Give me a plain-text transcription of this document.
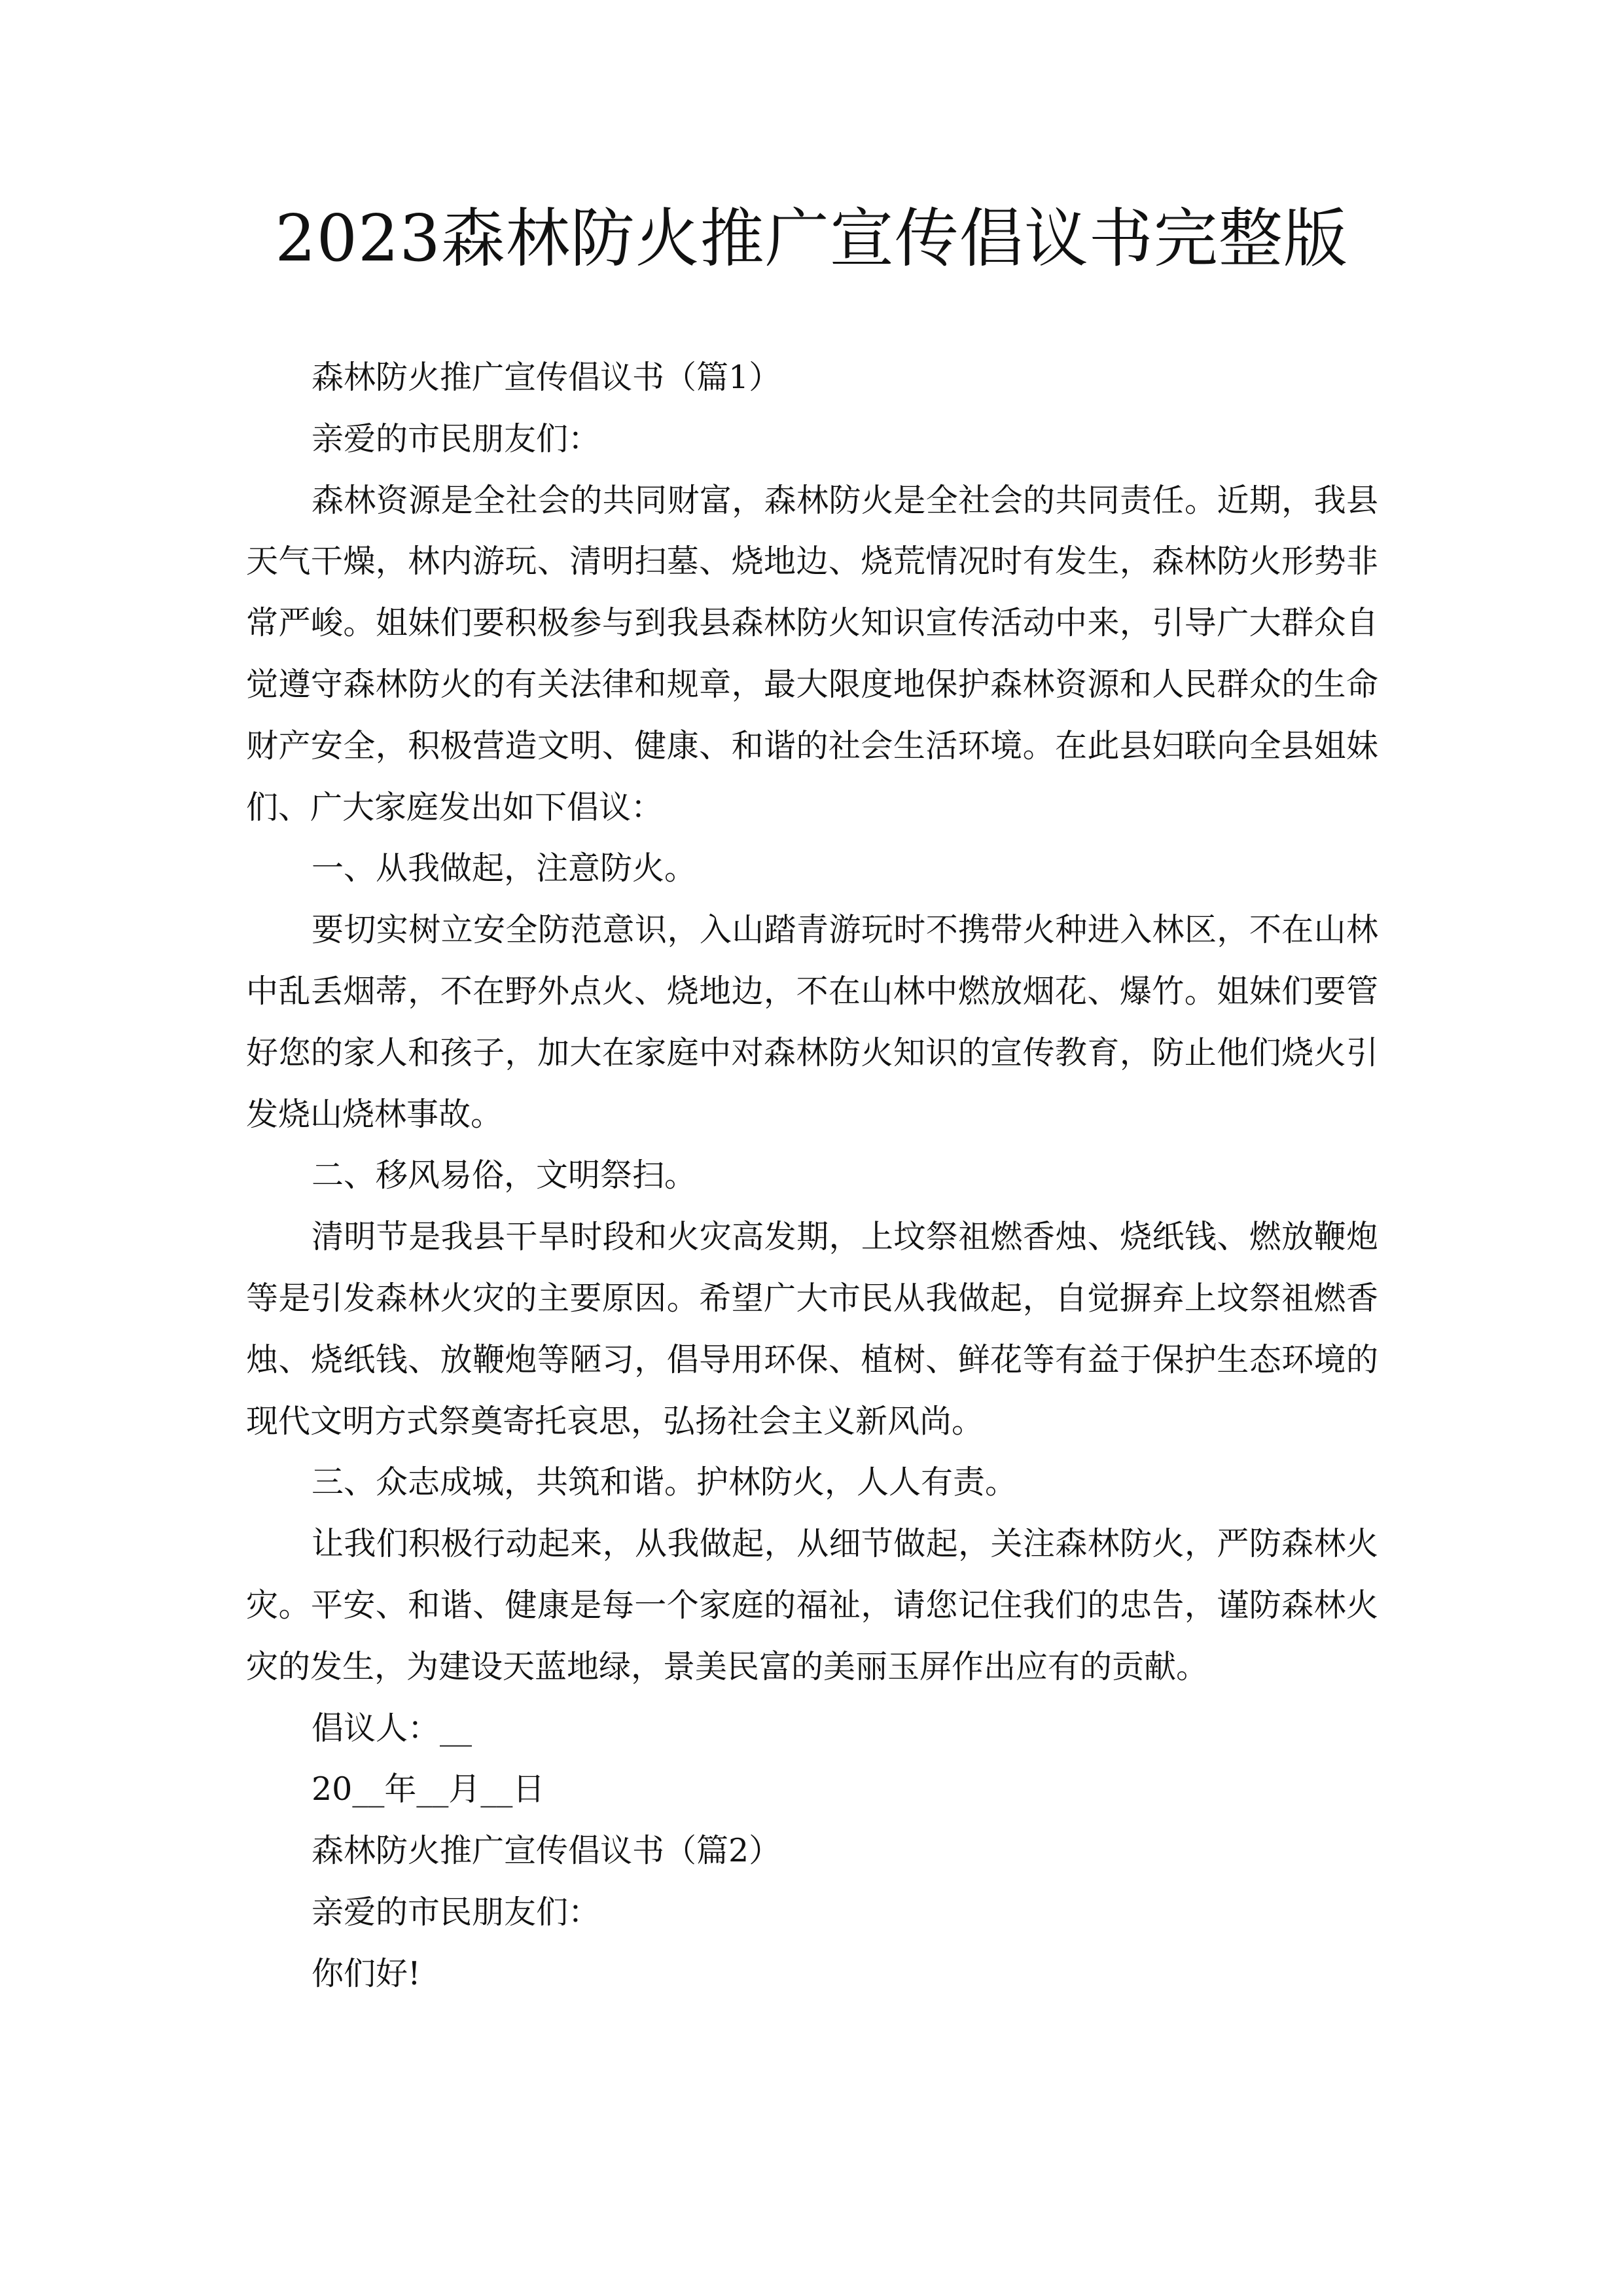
2023森林防火推广宣传倡议书完整版
森林防火推广宣传倡议书（篇1）
亲爱的市民朋友们：
森林资源是全社会的共同财富，森林防火是全社会的共同责任。近期，我县
天气干燥，林内游玩、清明扫墓、烧地边、烧荒情况时有发生，森林防火形势非
常严峻。姐妹们要积极参与到我县森林防火知识宣传活动中来，引导广大群众自
觉遵守森林防火的有关法律和规章，最大限度地保护森林资源和人民群众的生命
财产安全，积极营造文明、健康、和谐的社会生活环境。在此县妇联向全县姐妹
们、广大家庭发出如下倡议：
一、从我做起，注意防火。
要切实树立安全防范意识，入山踏青游玩时不携带火种进入林区，不在山林
中乱丢烟蒂，不在野外点火、烧地边，不在山林中燃放烟花、爆竹。姐妹们要管
好您的家人和孩子，加大在家庭中对森林防火知识的宣传教育，防止他们烧火引
发烧山烧林事故。
二、移风易俗，文明祭扫。
清明节是我县干旱时段和火灾高发期，上坟祭祖燃香烛、烧纸钱、燃放鞭炮
等是引发森林火灾的主要原因。希望广大市民从我做起，自觉摒弃上坟祭祖燃香
烛、烧纸钱、放鞭炮等陋习，倡导用环保、植树、鲜花等有益于保护生态环境的
现代文明方式祭奠寄托哀思，弘扬社会主义新风尚。
三、众志成城，共筑和谐。护林防火，人人有责。
让我们积极行动起来，从我做起，从细节做起，关注森林防火，严防森林火
灾。平安、和谐、健康是每一个家庭的福祉，请您记住我们的忠告，谨防森林火
灾的发生，为建设天蓝地绿，景美民富的美丽玉屏作出应有的贡献。
倡议人：__
20__年__月__日
森林防火推广宣传倡议书（篇2）
亲爱的市民朋友们：
你们好!
